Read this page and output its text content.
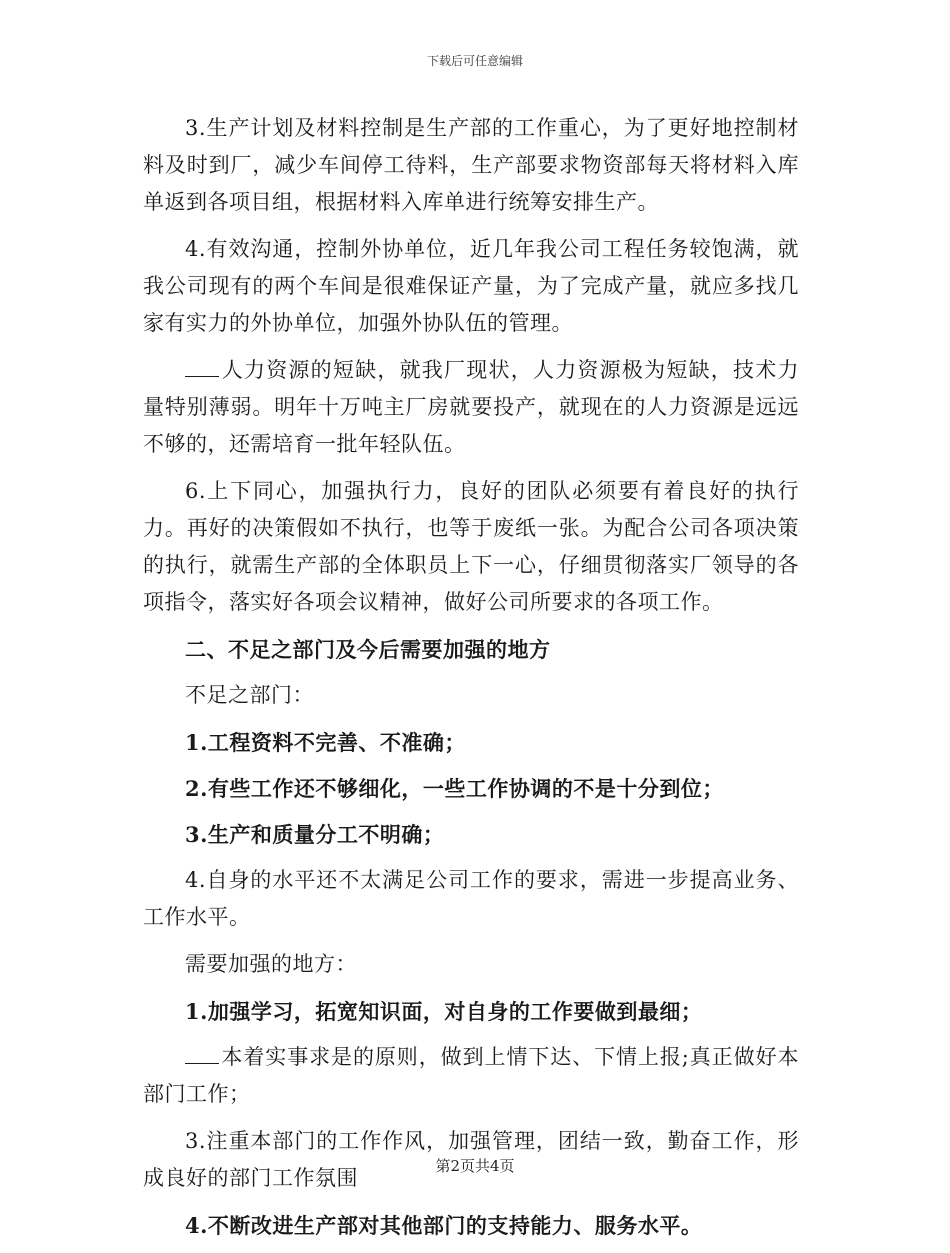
下载后可任意编辑

3.生产计划及材料控制是生产部的工作重心，为了更好地控制材料及时到厂，减少车间停工待料，生产部要求物资部每天将材料入库单返到各项目组，根据材料入库单进行统筹安排生产。

4.有效沟通，控制外协单位，近几年我公司工程任务较饱满，就我公司现有的两个车间是很难保证产量，为了完成产量，就应多找几家有实力的外协单位，加强外协队伍的管理。

人力资源的短缺，就我厂现状，人力资源极为短缺，技术力量特别薄弱。明年十万吨主厂房就要投产，就现在的人力资源是远远不够的，还需培育一批年轻队伍。

6.上下同心，加强执行力，良好的团队必须要有着良好的执行力。再好的决策假如不执行，也等于废纸一张。为配合公司各项决策的执行，就需生产部的全体职员上下一心，仔细贯彻落实厂领导的各项指令，落实好各项会议精神，做好公司所要求的各项工作。

二、不足之部门及今后需要加强的地方

不足之部门：

1.工程资料不完善、不准确；

2.有些工作还不够细化，一些工作协调的不是十分到位；

3.生产和质量分工不明确；

4.自身的水平还不太满足公司工作的要求，需进一步提高业务、工作水平。

需要加强的地方：

1.加强学习，拓宽知识面，对自身的工作要做到最细；

本着实事求是的原则，做到上情下达、下情上报;真正做好本部门工作；

3.注重本部门的工作作风，加强管理，团结一致，勤奋工作，形成良好的部门工作氛围

4.不断改进生产部对其他部门的支持能力、服务水平。

第2页共4页
